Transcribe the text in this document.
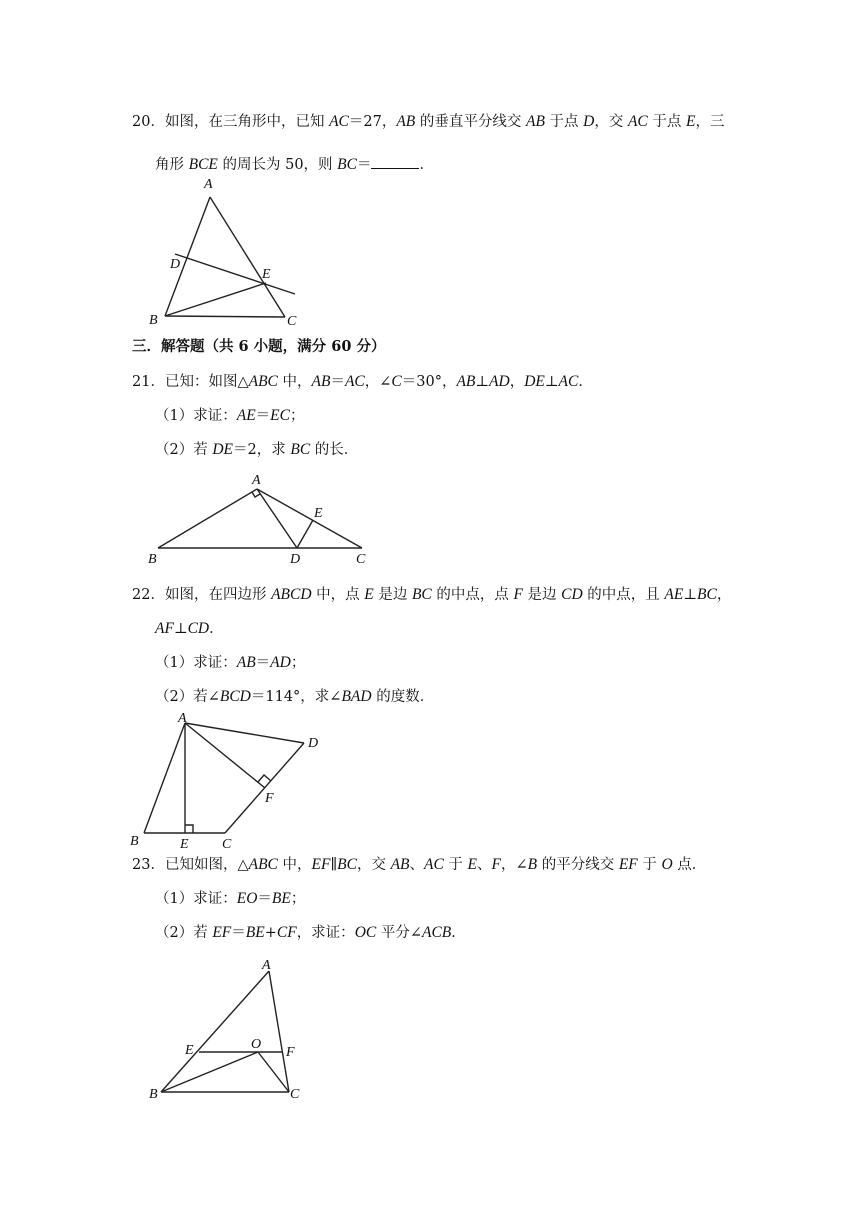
20．如图，在三角形中，已知 AC＝27，AB 的垂直平分线交 AB 于点 D，交 AC 于点 E，三
角形 BCE 的周长为 50，则 BC＝	．
A
B	C
D
E
三．解答题（共 6 小题，满分 60 分）
21．已知：如图△ABC 中，AB＝AC，∠C＝30°，AB⊥AD，DE⊥AC．
（1）求证：AE＝EC；
（2）若 DE＝2，求 BC 的长．
A
B	C
D
E
22．如图，在四边形 ABCD 中，点 E 是边 BC 的中点，点 F 是边 CD 的中点，且 AE⊥BC，
AF⊥CD．
（1）求证：AB＝AD；
（2）若∠BCD＝114°，求∠BAD 的度数．
A
B	C
D
E
F
23．已知如图，△ABC 中，EF∥BC，交 AB、AC 于 E、F，∠B 的平分线交 EF 于 O 点．
（1）求证：EO＝BE；
（2）若 EF＝BE+CF，求证：OC 平分∠ACB．
A
B	C
E	F
O
